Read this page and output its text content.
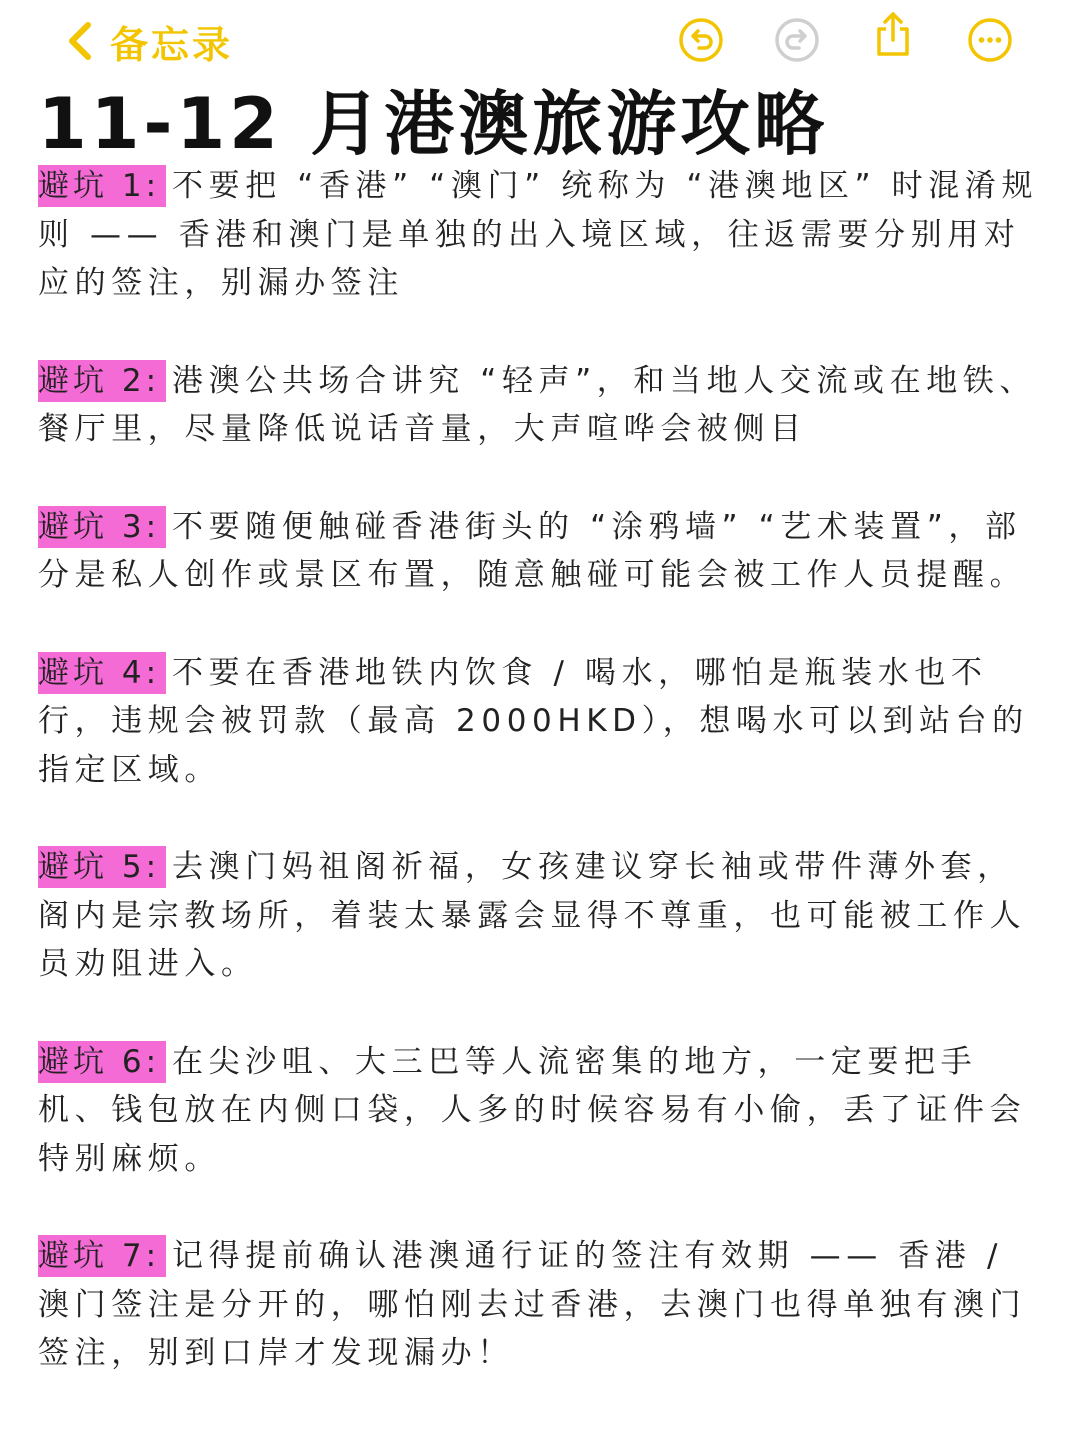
备忘录
11-12 月港澳旅游攻略

避坑 1: 不要把 “香港” “澳门” 统称为 “港澳地区” 时混淆规则 —— 香港和澳门是单独的出入境区域，往返需要分别用对应的签注，别漏办签注

避坑 2: 港澳公共场合讲究 “轻声”，和当地人交流或在地铁、餐厅里，尽量降低说话音量，大声喧哗会被侧目

避坑 3: 不要随便触碰香港街头的 “涂鸦墙” “艺术装置”，部分是私人创作或景区布置，随意触碰可能会被工作人员提醒。

避坑 4: 不要在香港地铁内饮食 / 喝水，哪怕是瓶装水也不行，违规会被罚款（最高 2000HKD），想喝水可以到站台的指定区域。

避坑 5: 去澳门妈祖阁祈福，女孩建议穿长袖或带件薄外套，阁内是宗教场所，着装太暴露会显得不尊重，也可能被工作人员劝阻进入。

避坑 6: 在尖沙咀、大三巴等人流密集的地方，一定要把手机、钱包放在内侧口袋，人多的时候容易有小偷，丢了证件会特别麻烦。

避坑 7: 记得提前确认港澳通行证的签注有效期 —— 香港 / 澳门签注是分开的，哪怕刚去过香港，去澳门也得单独有澳门签注，别到口岸才发现漏办！
